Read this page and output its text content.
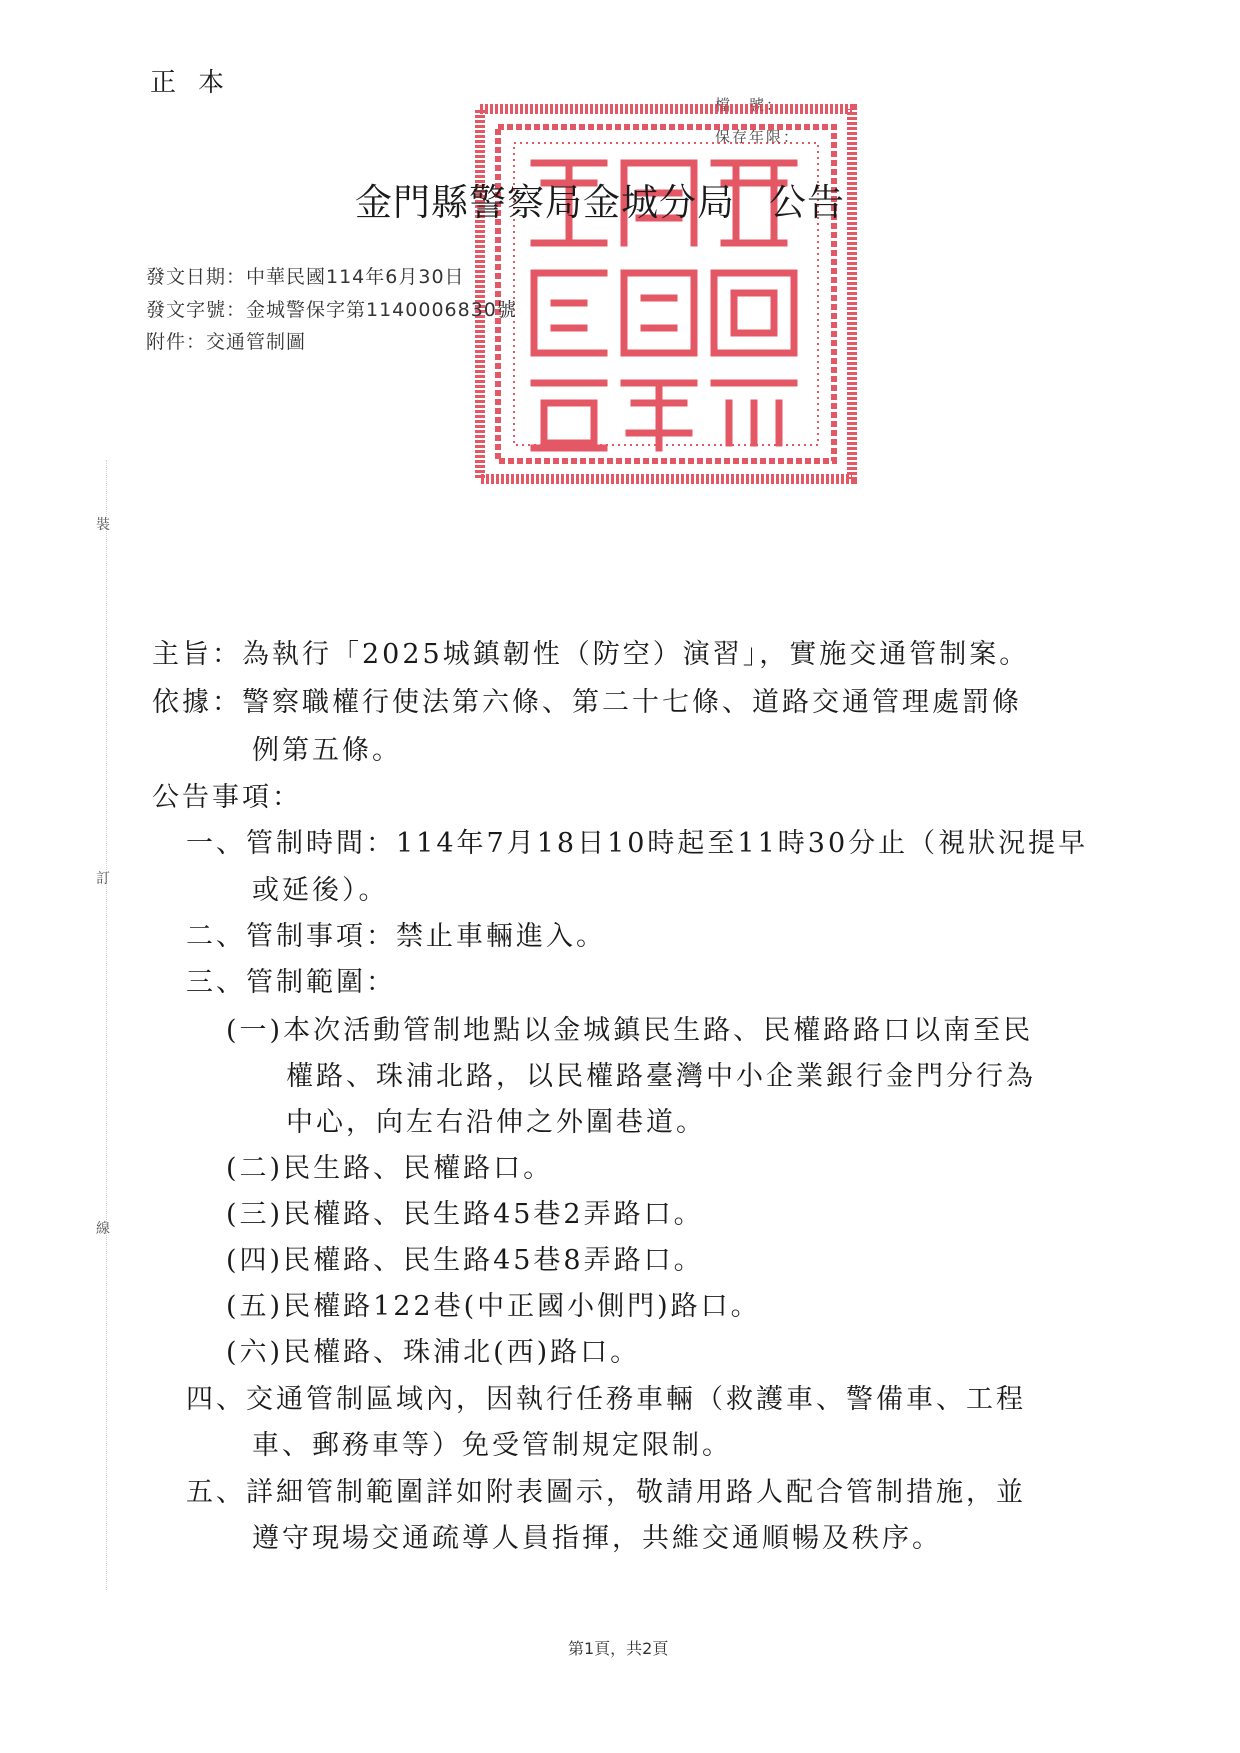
正本
檔　號：
保存年限：
金門縣警察局金城分局 公告
發文日期：中華民國114年6月30日
發文字號：金城警保字第1140006830號
附件：交通管制圖
裝
訂
線
主旨：為執行「2025城鎮韌性（防空）演習」，實施交通管制案。
依據：警察職權行使法第六條、第二十七條、道路交通管理處罰條
例第五條。
公告事項：
一、管制時間：114年7月18日10時起至11時30分止（視狀況提早
或延後）。
二、管制事項：禁止車輛進入。
三、管制範圍：
(一)本次活動管制地點以金城鎮民生路、民權路路口以南至民
權路、珠浦北路，以民權路臺灣中小企業銀行金門分行為
中心，向左右沿伸之外圍巷道。
(二)民生路、民權路口。
(三)民權路、民生路45巷2弄路口。
(四)民權路、民生路45巷8弄路口。
(五)民權路122巷(中正國小側門)路口。
(六)民權路、珠浦北(西)路口。
四、交通管制區域內，因執行任務車輛（救護車、警備車、工程
車、郵務車等）免受管制規定限制。
五、詳細管制範圍詳如附表圖示，敬請用路人配合管制措施，並
遵守現場交通疏導人員指揮，共維交通順暢及秩序。
第1頁，共2頁
